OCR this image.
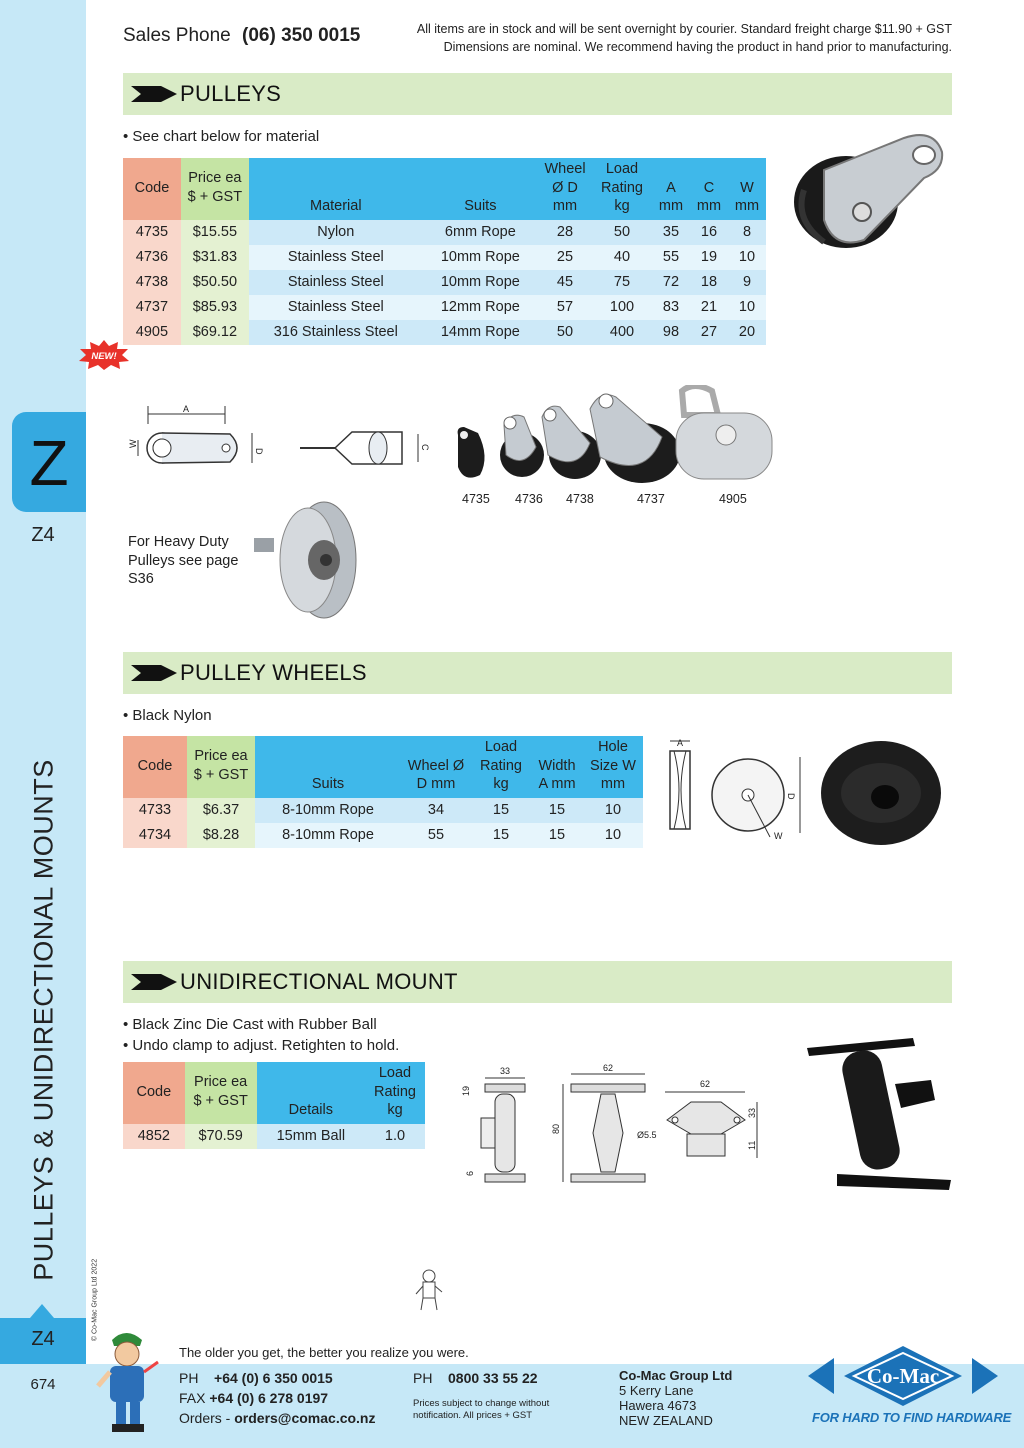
Z
Z4
PULLEYS & UNIDIRECTIONAL MOUNTS
© Co-Mac Group Ltd 2022
Z4
674
Sales Phone (06) 350 0015	All items are in stock and will be sent overnight by courier. Standard freight charge $11.90 + GST
Dimensions are nominal. We recommend having the product in hand prior to manufacturing.
PULLEYS
• See chart below for material
Code	Price ea $ + GST	Material	Suits	Wheel Ø D mm	Load Rating kg	A mm	C mm	W mm
4735	$15.55	Nylon	6mm Rope	28	50	35	16	8
4736	$31.83	Stainless Steel	10mm Rope	25	40	55	19	10
4738	$50.50	Stainless Steel	10mm Rope	45	75	72	18	9
4737	$85.93	Stainless Steel	12mm Rope	57	100	83	21	10
4905	$69.12	316 Stainless Steel	14mm Rope	50	400	98	27	20
NEW!
A
W
D
C
4735 4736 4738	4737	4905
For Heavy Duty
Pulleys see page
S36
PULLEY WHEELS
• Black Nylon
Code	Price ea $ + GST	Suits	Wheel Ø D mm	Load Rating kg	Width A mm	Hole Size W mm
4733	$6.37	8-10mm Rope	34	15	15	10
4734	$8.28	8-10mm Rope	55	15	15	10
A
W
D
UNIDIRECTIONAL MOUNT
• Black Zinc Die Cast with Rubber Ball
• Undo clamp to adjust. Retighten to hold.
Code	Price ea $ + GST	Details	Load Rating kg
4852	$70.59	15mm Ball	1.0
33
19
6
62
80
62
Ø5.5
33
11
The older you get, the better you realize you were.
PH +64 (0) 6 350 0015
FAX +64 (0) 6 278 0197
Orders - orders@comac.co.nz
PH 0800 33 55 22
Prices subject to change without
notification. All prices + GST
Co-Mac Group Ltd
5 Kerry Lane
Hawera 4673
NEW ZEALAND
Co-Mac
FOR HARD TO FIND HARDWARE
